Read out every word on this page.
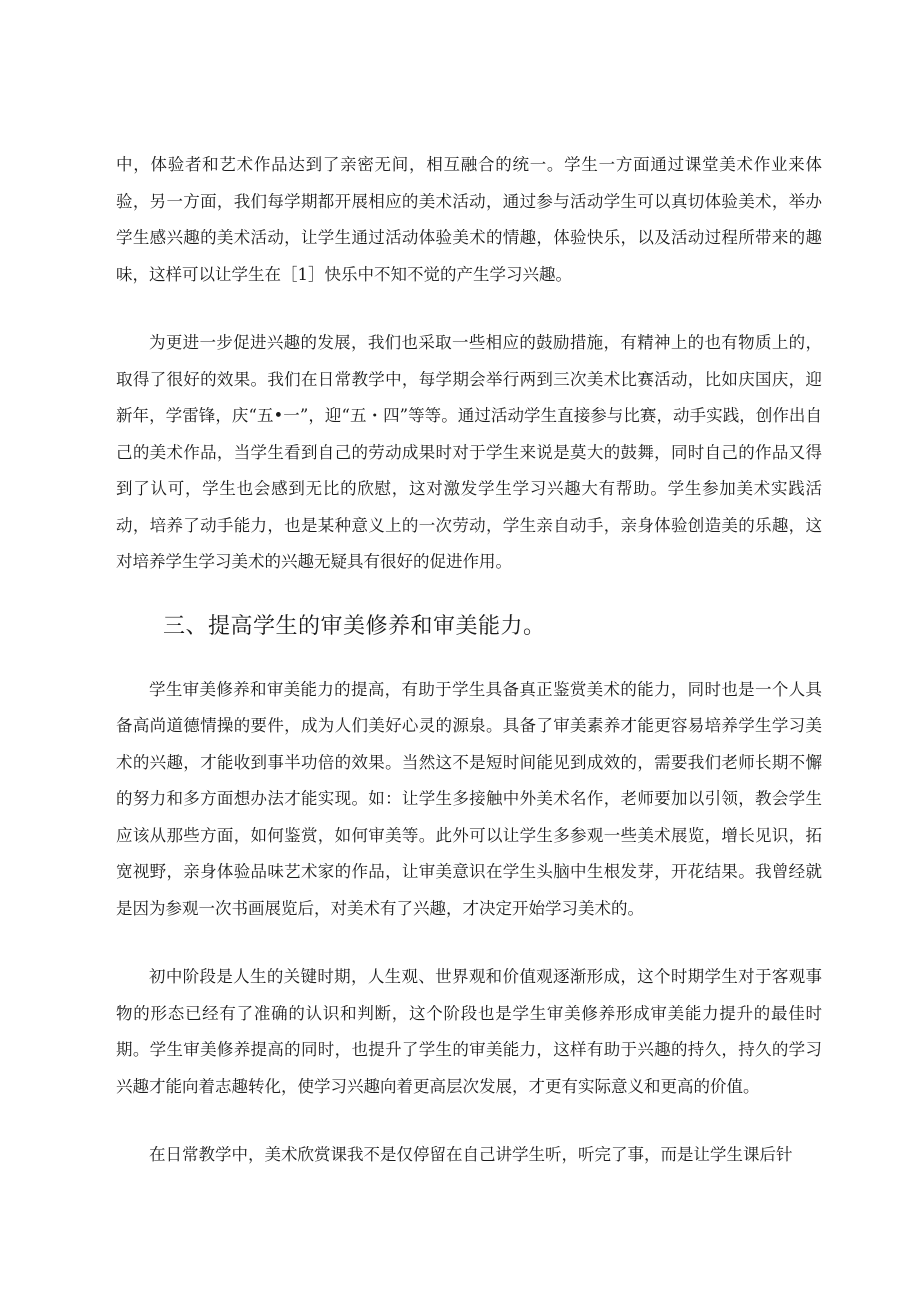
中，体验者和艺术作品达到了亲密无间，相互融合的统一。学生一方面通过课堂美术作业来体验，另一方面，我们每学期都开展相应的美术活动，通过参与活动学生可以真切体验美术，举办学生感兴趣的美术活动，让学生通过活动体验美术的情趣，体验快乐，以及活动过程所带来的趣味，这样可以让学生在［1］快乐中不知不觉的产生学习兴趣。

为更进一步促进兴趣的发展，我们也采取一些相应的鼓励措施，有精神上的也有物质上的，取得了很好的效果。我们在日常教学中，每学期会举行两到三次美术比赛活动，比如庆国庆，迎新年，学雷锋，庆“五•一”，迎“五・四”等等。通过活动学生直接参与比赛，动手实践，创作出自己的美术作品，当学生看到自己的劳动成果时对于学生来说是莫大的鼓舞，同时自己的作品又得到了认可，学生也会感到无比的欣慰，这对激发学生学习兴趣大有帮助。学生参加美术实践活动，培养了动手能力，也是某种意义上的一次劳动，学生亲自动手，亲身体验创造美的乐趣，这对培养学生学习美术的兴趣无疑具有很好的促进作用。

三、提高学生的审美修养和审美能力。

学生审美修养和审美能力的提高，有助于学生具备真正鉴赏美术的能力，同时也是一个人具备高尚道德情操的要件，成为人们美好心灵的源泉。具备了审美素养才能更容易培养学生学习美术的兴趣，才能收到事半功倍的效果。当然这不是短时间能见到成效的，需要我们老师长期不懈的努力和多方面想办法才能实现。如：让学生多接触中外美术名作，老师要加以引领，教会学生应该从那些方面，如何鉴赏，如何审美等。此外可以让学生多参观一些美术展览，增长见识，拓宽视野，亲身体验品味艺术家的作品，让审美意识在学生头脑中生根发芽，开花结果。我曾经就是因为参观一次书画展览后，对美术有了兴趣，才决定开始学习美术的。

初中阶段是人生的关键时期，人生观、世界观和价值观逐渐形成，这个时期学生对于客观事物的形态已经有了准确的认识和判断，这个阶段也是学生审美修养形成审美能力提升的最佳时期。学生审美修养提高的同时，也提升了学生的审美能力，这样有助于兴趣的持久，持久的学习兴趣才能向着志趣转化，使学习兴趣向着更高层次发展，才更有实际意义和更高的价值。

在日常教学中，美术欣赏课我不是仅停留在自己讲学生听，听完了事，而是让学生课后针
